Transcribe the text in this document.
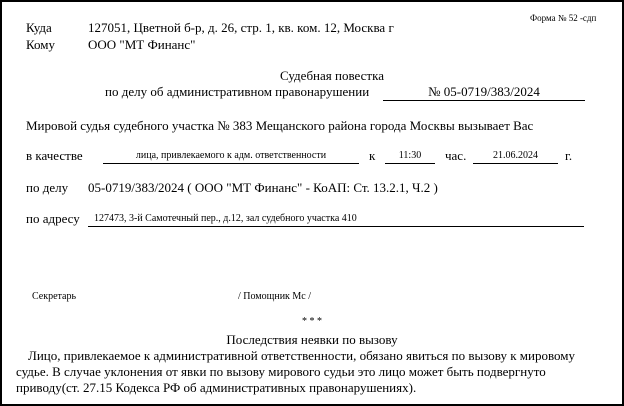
Форма № 52 -сдп
Куда	127051, Цветной б-р, д. 26, стр. 1, кв. ком. 12, Москва г
Кому	ООО "МТ Финанс"
Судебная повестка
по делу об административном правонарушении	№ 05-0719/383/2024
Мировой судья судебного участка № 383 Мещанского района города Москвы вызывает Вас
в качестве	лица, привлекаемого к адм. ответственности	к	11:30	час.	21.06.2024	г.
по делу 05-0719/383/2024 ( ООО "МТ Финанс" - КоАП: Ст. 13.2.1, Ч.2 )
по адресу 127473, 3-й Самотечный пер., д.12, зал судебного участка 410
Секретарь	/ Помощник Мс /
* * *
Последствия неявки по вызову
Лицо, привлекаемое к административной ответственности, обязано явиться по вызову к мировому судье. В случае уклонения от явки по вызову мирового судьи это лицо может быть подвергнуто приводу(ст. 27.15 Кодекса РФ об административных правонарушениях).
